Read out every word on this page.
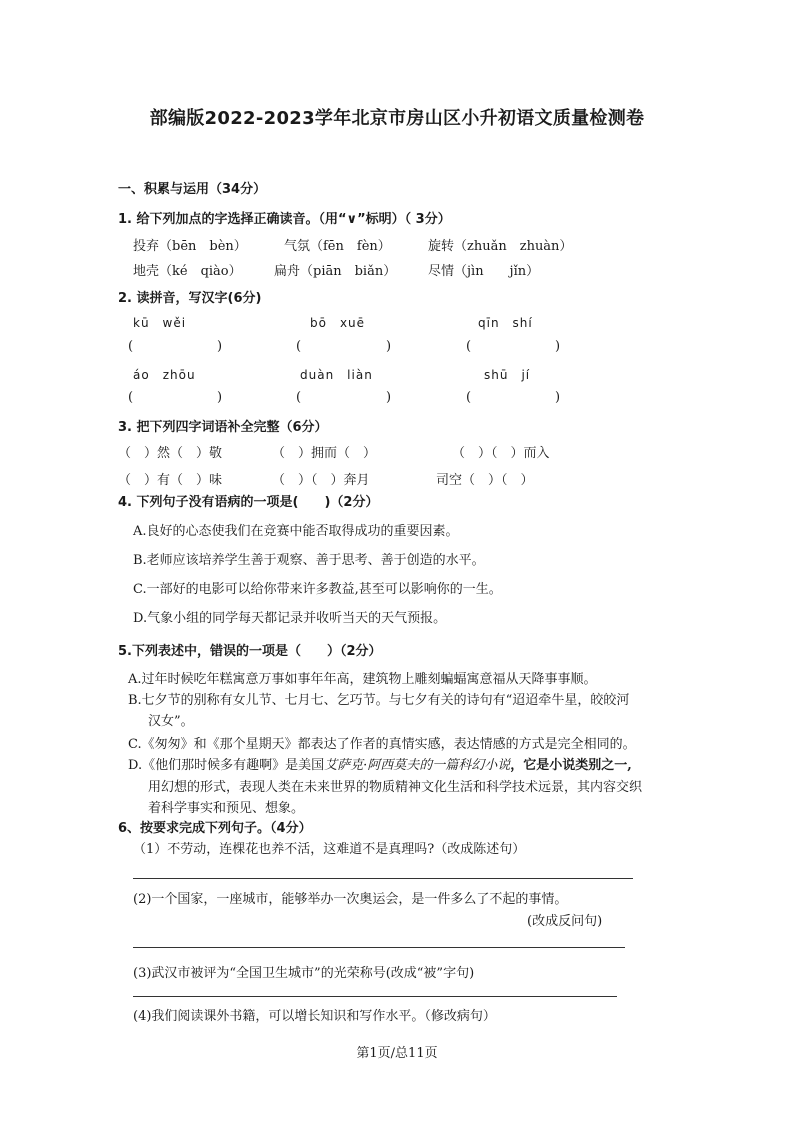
部编版2022-2023学年北京市房山区小升初语文质量检测卷
一、积累与运用（34分）
1. 给下列加点的字选择正确读音。（用“∨”标明）（ 3分）
投弃（bēn　bèn）	气氛（fēn　fèn）	旋转（zhuǎn　zhuàn）
地壳（ké　qiào） 扁舟（piān　biǎn） 尽情（jìn　　jǐn）
2. 读拼音，写汉字(6分)
kū　wěi	bō　xuē	qīn　shí
(	)	(	)	(	)
áo　zhōu	duàn　liàn	shū　jí
(	)	(	)	(	)
3. 把下列四字词语补全完整（6分）
（　）然（　）敬	（　）拥而（　）	（　）（　）而入
（　）有（　）味	（　）（　）奔月	司空（　）（　）
4. 下列句子没有语病的一项是(　　)（2分）
A.良好的心态使我们在竞赛中能否取得成功的重要因素。
B.老师应该培养学生善于观察、善于思考、善于创造的水平。
C.一部好的电影可以给你带来许多教益,甚至可以影响你的一生。
D.气象小组的同学每天都记录并收听当天的天气预报。
5.下列表述中，错误的一项是（　　）（2分）
A.过年时候吃年糕寓意万事如事年年高，建筑物上雕刻蝙蝠寓意福从天降事事顺。
B.七夕节的别称有女儿节、七月七、乞巧节。与七夕有关的诗句有“迢迢牵牛星，皎皎河
汉女”。
C.《匆匆》和《那个星期天》都表达了作者的真情实感，表达情感的方式是完全相同的。
D.《他们那时候多有趣啊》是美国艾萨克·阿西莫夫的一篇科幻小说，它是小说类别之一,
用幻想的形式，表现人类在未来世界的物质精神文化生活和科学技术远景，其内容交织
着科学事实和预见、想象。
6、按要求完成下列句子。（4分）
（1）不劳动，连棵花也养不活，这难道不是真理吗?（改成陈述句）
(2)一个国家，一座城市，能够举办一次奥运会，是一件多么了不起的事情。
(改成反问句)
(3)武汉市被评为“全国卫生城市”的光荣称号(改成“被”字句)
(4)我们阅读课外书籍，可以增长知识和写作水平。（修改病句）
第1页/总11页
